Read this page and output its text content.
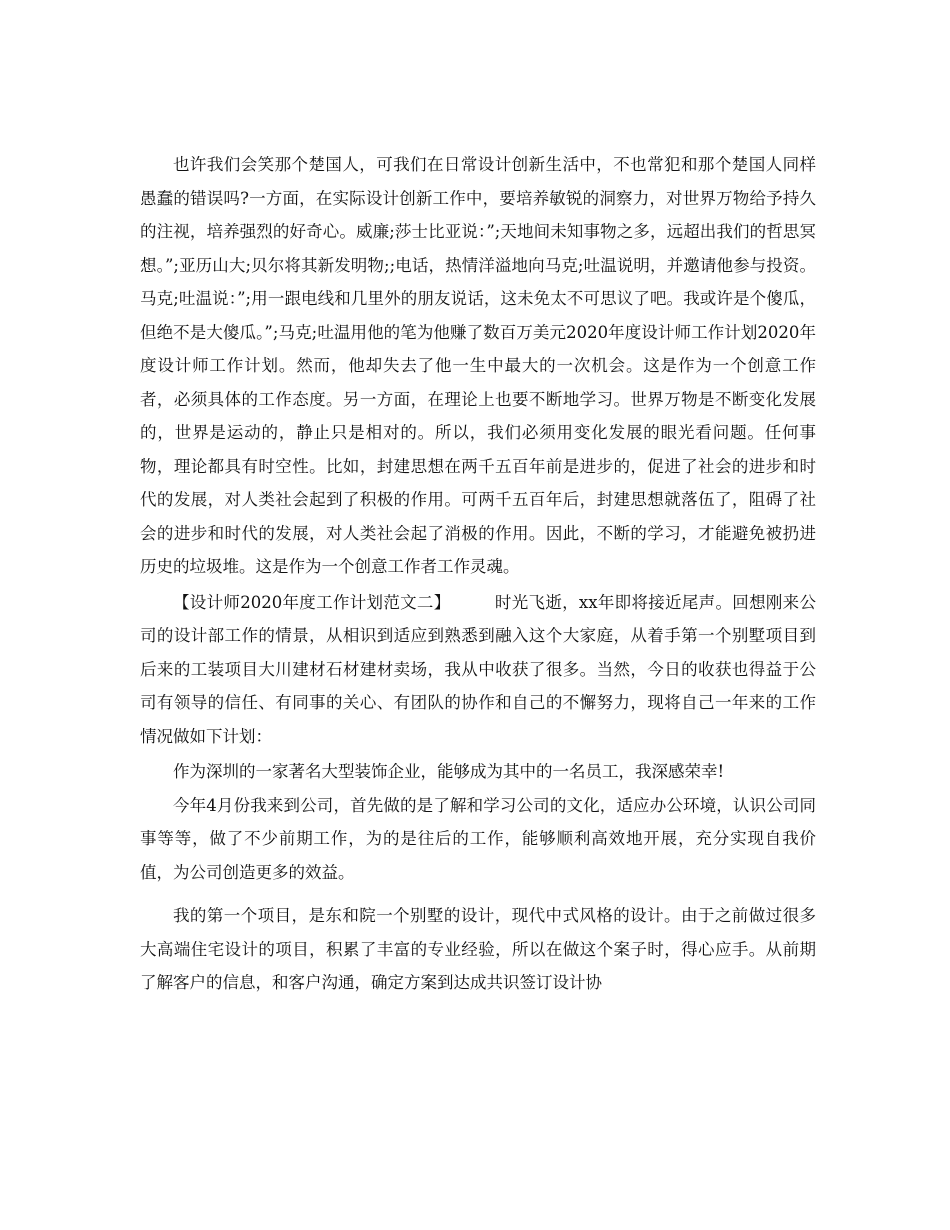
也许我们会笑那个楚国人，可我们在日常设计创新生活中，不也常犯和那个楚国人同样愚蠢的错误吗?一方面，在实际设计创新工作中，要培养敏锐的洞察力，对世界万物给予持久的注视，培养强烈的好奇心。威廉;莎士比亚说：”;天地间未知事物之多，远超出我们的哲思冥想。”;亚历山大;贝尔将其新发明物;;电话，热情洋溢地向马克;吐温说明，并邀请他参与投资。马克;吐温说：”;用一跟电线和几里外的朋友说话，这未免太不可思议了吧。我或许是个傻瓜，但绝不是大傻瓜。”;马克;吐温用他的笔为他赚了数百万美元2020年度设计师工作计划2020年度设计师工作计划。然而，他却失去了他一生中最大的一次机会。这是作为一个创意工作者，必须具体的工作态度。另一方面，在理论上也要不断地学习。世界万物是不断变化发展的，世界是运动的，静止只是相对的。所以，我们必须用变化发展的眼光看问题。任何事物，理论都具有时空性。比如，封建思想在两千五百年前是进步的，促进了社会的进步和时代的发展，对人类社会起到了积极的作用。可两千五百年后，封建思想就落伍了，阻碍了社会的进步和时代的发展，对人类社会起了消极的作用。因此，不断的学习，才能避免被扔进历史的垃圾堆。这是作为一个创意工作者工作灵魂。

【设计师2020年度工作计划范文二】	时光飞逝，xx年即将接近尾声。回想刚来公司的设计部工作的情景，从相识到适应到熟悉到融入这个大家庭，从着手第一个别墅项目到后来的工装项目大川建材石材建材卖场，我从中收获了很多。当然，今日的收获也得益于公司有领导的信任、有同事的关心、有团队的协作和自己的不懈努力，现将自己一年来的工作情况做如下计划：

作为深圳的一家著名大型装饰企业，能够成为其中的一名员工，我深感荣幸!

今年4月份我来到公司，首先做的是了解和学习公司的文化，适应办公环境，认识公司同事等等，做了不少前期工作，为的是往后的工作，能够顺利高效地开展，充分实现自我价值，为公司创造更多的效益。

我的第一个项目，是东和院一个别墅的设计，现代中式风格的设计。由于之前做过很多大高端住宅设计的项目，积累了丰富的专业经验，所以在做这个案子时，得心应手。从前期了解客户的信息，和客户沟通，确定方案到达成共识签订设计协
